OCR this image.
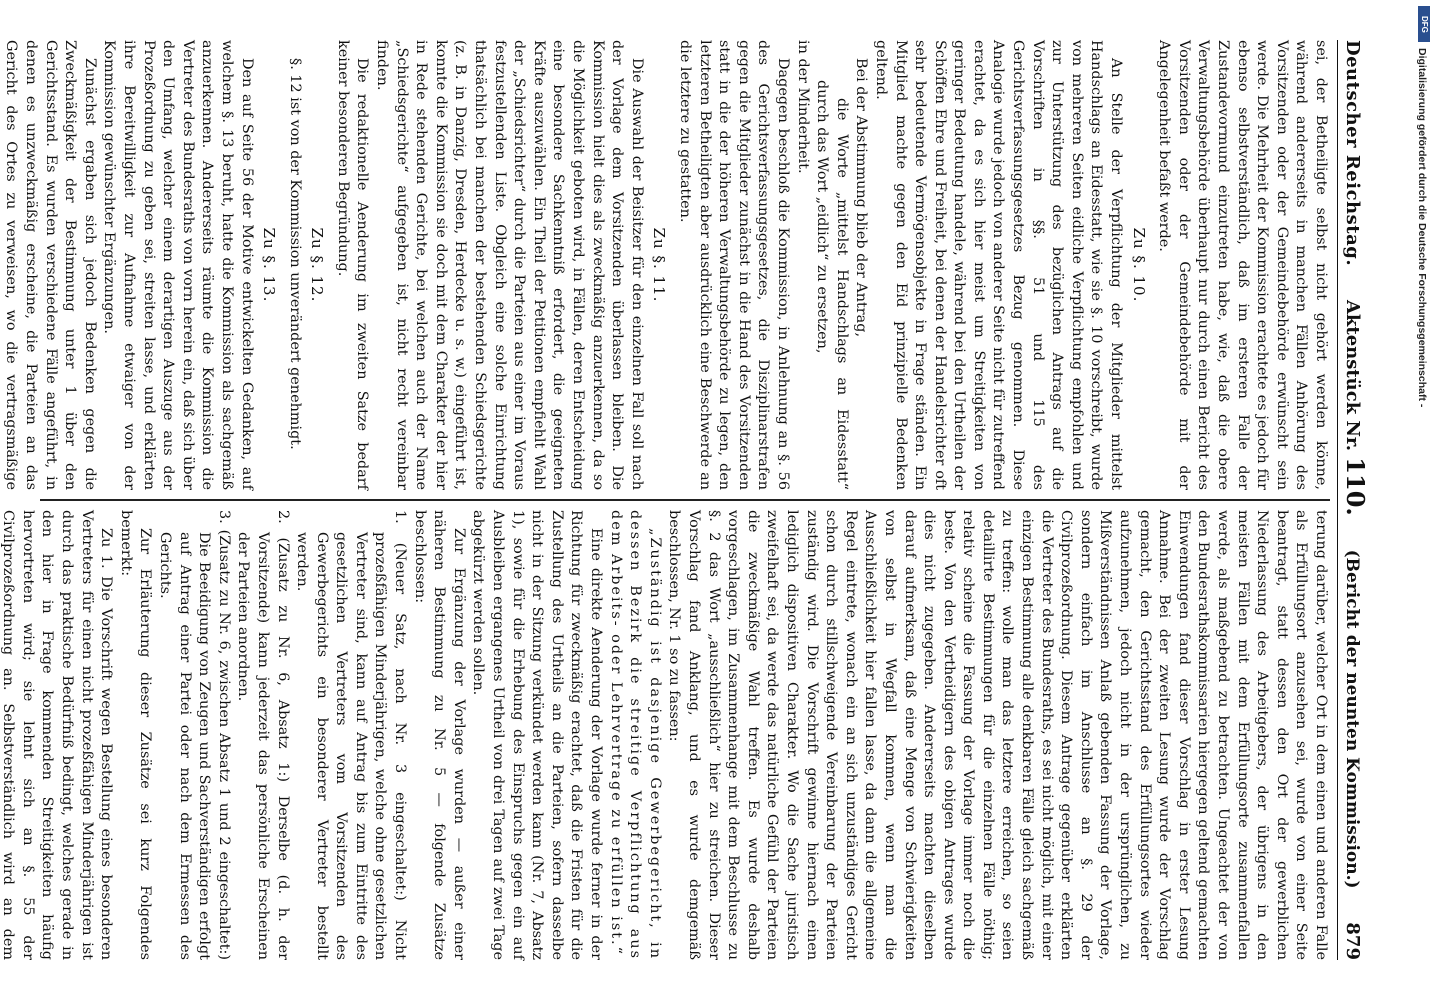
Deutscher Reichstag.
Aktenstück Nr. 110.
(Bericht der neunten Kommission.)
879

sei, der Betheiligte selbst nicht gehört werden könne, während andererseits in manchen Fällen Anhörung des Vorsitzenden oder der Gemeindebehörde erwünscht sein werde. Die Mehrheit der Kommission erachtete es jedoch für ebenso selbstverständlich, daß im ersteren Falle der Zustandevormund einzutreten habe, wie, daß die obere Verwaltungsbehörde überhaupt nur durch einen Bericht des Vorsitzenden oder der Gemeindebehörde mit der Angelegenheit befaßt werde.

Zu §. 10.

An Stelle der Verpflichtung der Mitglieder mittelst Handschlags an Eidesstatt, wie sie §. 10 vorschreibt, wurde von mehreren Seiten eidliche Verpflichtung empfohlen und zur Unterstützung des bezüglichen Antrags auf die Vorschriften in §§. 51 und 115 des Gerichtsverfassungsgesetzes Bezug genommen. Diese Analogie wurde jedoch von anderer Seite nicht für zutreffend erachtet, da es sich hier meist um Streitigkeiten von geringer Bedeutung handele, während bei den Urtheilen der Schöffen Ehre und Freiheit, bei denen der Handelsrichter oft sehr bedeutende Vermögensobjekte in Frage ständen. Ein Mitglied machte gegen den Eid prinzipielle Bedenken geltend.

Bei der Abstimmung blieb der Antrag,

die Worte „mittelst Handschlags an Eidesstatt“ durch das Wort „eidlich“ zu ersetzen,

in der Minderheit.

Dagegen beschloß die Kommission, in Anlehnung an §. 56 des Gerichtsverfassungsgesetzes, die Disziplinarstrafen gegen die Mitglieder zunächst in die Hand des Vorsitzenden statt in die der höheren Verwaltungsbehörde zu legen, den letzteren Betheiligten aber ausdrücklich eine Beschwerde an die letztere zu gestatten.

Zu §. 11.

Die Auswahl der Beisitzer für den einzelnen Fall soll nach der Vorlage dem Vorsitzenden überlassen bleiben. Die Kommission hielt dies als zweckmäßig anzuerkennen, da so die Möglichkeit geboten wird, in Fällen, deren Entscheidung eine besondere Sachkenntniß erfordert, die geeigneten Kräfte auszuwählen. Ein Theil der Petitionen empfiehlt Wahl der „Schiedsrichter“ durch die Parteien aus einer im Voraus festzustellenden Liste. Obgleich eine solche Einrichtung thatsächlich bei manchen der bestehenden Schiedsgerichte (z. B. in Danzig, Dresden, Herdecke u. s. w.) eingeführt ist, konnte die Kommission sie doch mit dem Charakter der hier in Rede stehenden Gerichte, bei welchen auch der Name „Schiedsgerichte“ aufgegeben ist, nicht recht vereinbar finden.

Die redaktionelle Aenderung im zweiten Satze bedarf keiner besonderen Begründung.

Zu §. 12.

§. 12 ist von der Kommission unverändert genehmigt.

Zu §. 13.

Den auf Seite 56 der Motive entwickelten Gedanken, auf welchem §. 13 beruht, hatte die Kommission als sachgemäß anzuerkennen. Andererseits räumte die Kommission die Vertreter des Bundesraths von vorn herein ein, daß sich über den Umfang, welcher einem derartigen Auszuge aus der Prozeßordnung zu geben sei, streiten lasse, und erklärten ihre Bereitwilligkeit zur Aufnahme etwaiger von der Kommission gewünschter Ergänzungen.

Zunächst ergaben sich jedoch Bedenken gegen die Zweckmäßigkeit der Bestimmung unter 1 über den Gerichtsstand. Es wurden verschiedene Fälle angeführt, in denen es unzweckmäßig erscheine, die Parteien an das Gericht des Ortes zu verweisen, wo die vertragsmäßige

terung darüber, welcher Ort in dem einen und anderen Falle als Erfüllungsort anzusehen sei, wurde von einer Seite beantragt, statt dessen den Ort der gewerblichen Niederlassung des Arbeitgebers, der übrigens in den meisten Fällen mit dem Erfüllungsorte zusammenfallen werde, als maßgebend zu betrachten. Ungeachtet der von den Bundesrathskommissarien hiergegen geltend gemachten Einwendungen fand dieser Vorschlag in erster Lesung Annahme. Bei der zweiten Lesung wurde der Vorschlag gemacht, den Gerichtsstand des Erfüllungsortes wieder aufzunehmen, jedoch nicht in der ursprünglichen, zu Mißverständnissen Anlaß gebenden Fassung der Vorlage, sondern einfach im Anschlusse an §. 29 der Civilprozeßordnung. Diesem Antrage gegenüber erklärten die Vertreter des Bundesraths, es sei nicht möglich, mit einer einzigen Bestimmung alle denkbaren Fälle gleich sachgemäß zu treffen: wolle man das letztere erreichen, so seien detaillirte Bestimmungen für die einzelnen Fälle nöthig; relativ scheine die Fassung der Vorlage immer noch die beste. Von den Vertheidigern des obigen Antrages wurde dies nicht zugegeben. Andererseits machten dieselben darauf aufmerksam, daß eine Menge von Schwierigkeiten von selbst in Wegfall kommen, wenn man die Ausschließlichkeit hier fallen lasse, da dann die allgemeine Regel eintrete, wonach ein an sich unzuständiges Gericht schon durch stillschweigende Vereinbarung der Parteien zuständig wird. Die Vorschrift gewinne hiernach einen lediglich dispositiven Charakter. Wo die Sache juristisch zweifelhaft sei, da werde das natürliche Gefühl der Parteien die zweckmäßige Wahl treffen. Es wurde deshalb vorgeschlagen, im Zusammenhange mit dem Beschlusse zu §. 2 das Wort „ausschließlich“ hier zu streichen. Dieser Vorschlag fand Anklang, und es wurde demgemäß beschlossen, Nr. 1 so zu fassen:

„Zuständig ist dasjenige Gewerbegericht, in dessen Bezirk die streitige Verpflichtung aus dem Arbeits- oder Lehrvertrage zu erfüllen ist.“

Eine direkte Aenderung der Vorlage wurde ferner in der Richtung für zweckmäßig erachtet, daß die Fristen für die Zustellung des Urtheils an die Parteien, sofern dasselbe nicht in der Sitzung verkündet werden kann (Nr. 7, Absatz 1), sowie für die Erhebung des Einspruchs gegen ein auf Ausbleiben ergangenes Urtheil von drei Tagen auf zwei Tage abgekürzt werden sollen.

Zur Ergänzung der Vorlage wurden — außer einer näheren Bestimmung zu Nr. 5 — folgende Zusätze beschlossen:

1. (Neuer Satz, nach Nr. 3 eingeschaltet:) Nicht prozeßfähigen Minderjährigen, welche ohne gesetzlichen Vertreter sind, kann auf Antrag bis zum Eintritte des gesetzlichen Vertreters vom Vorsitzenden des Gewerbegerichts ein besonderer Vertreter bestellt werden.

2. (Zusatz zu Nr. 6, Absatz 1:) Derselbe (d. h. der Vorsitzende) kann jederzeit das persönliche Erscheinen der Parteien anordnen.

3. (Zusatz zu Nr. 6, zwischen Absatz 1 und 2 eingeschaltet:) Die Beeidigung von Zeugen und Sachverständigen erfolgt auf Antrag einer Partei oder nach dem Ermessen des Gerichts.

Zur Erläuterung dieser Zusätze sei kurz Folgendes bemerkt:

Zu 1. Die Vorschrift wegen Bestellung eines besonderen Vertreters für einen nicht prozeßfähigen Minderjährigen ist durch das praktische Bedürfniß bedingt, welches gerade in den hier in Frage kommenden Streitigkeiten häufig hervortreten wird; sie lehnt sich an §. 55 der Civilprozeßordnung an. Selbstverständlich wird an dem

DFG
Digitalisierung gefördert durch die Deutsche Forschungsgemeinschaft -
